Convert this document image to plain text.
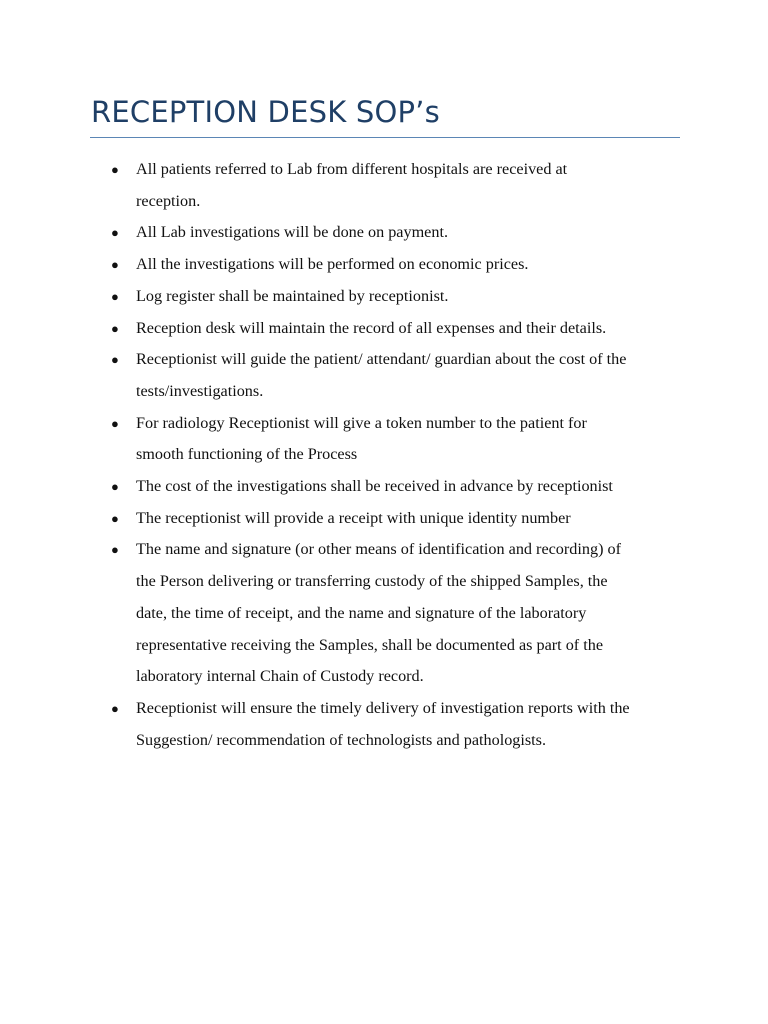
RECEPTION DESK SOP’s
● All patients referred to Lab from different hospitals are received at
reception.
● All Lab investigations will be done on payment.
● All the investigations will be performed on economic prices.
● Log register shall be maintained by receptionist.
● Reception desk will maintain the record of all expenses and their details.
● Receptionist will guide the patient/ attendant/ guardian about the cost of the
tests/investigations.
● For radiology Receptionist will give a token number to the patient for
smooth functioning of the Process
● The cost of the investigations shall be received in advance by receptionist
● The receptionist will provide a receipt with unique identity number
● The name and signature (or other means of identification and recording) of
the Person delivering or transferring custody of the shipped Samples, the
date, the time of receipt, and the name and signature of the laboratory
representative receiving the Samples, shall be documented as part of the
laboratory internal Chain of Custody record.
● Receptionist will ensure the timely delivery of investigation reports with the
Suggestion/ recommendation of technologists and pathologists.
